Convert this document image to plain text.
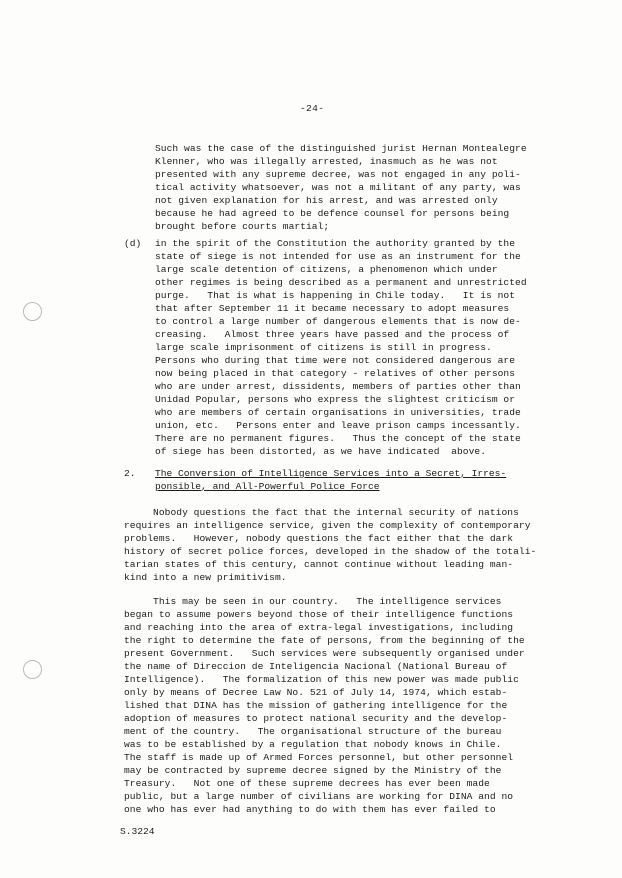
-24-
Such was the case of the distinguished jurist Hernan Montealegre
Klenner, who was illegally arrested, inasmuch as he was not
presented with any supreme decree, was not engaged in any poli-
tical activity whatsoever, was not a militant of any party, was
not given explanation for his arrest, and was arrested only
because he had agreed to be defence counsel for persons being
brought before courts martial;
(d) in the spirit of the Constitution the authority granted by the
state of siege is not intended for use as an instrument for the
large scale detention of citizens, a phenomenon which under
other regimes is being described as a permanent and unrestricted
purge.   That is what is happening in Chile today.   It is not
that after September 11 it became necessary to adopt measures
to control a large number of dangerous elements that is now de-
creasing.   Almost three years have passed and the process of
large scale imprisonment of citizens is still in progress.
Persons who during that time were not considered dangerous are
now being placed in that category - relatives of other persons
who are under arrest, dissidents, members of parties other than
Unidad Popular, persons who express the slightest criticism or
who are members of certain organisations in universities, trade
union, etc.   Persons enter and leave prison camps incessantly.
There are no permanent figures.   Thus the concept of the state
of siege has been distorted, as we have indicated  above.
2. The Conversion of Intelligence Services into a Secret, Irres-
ponsible, and All-Powerful Police Force
Nobody questions the fact that the internal security of nations
requires an intelligence service, given the complexity of contemporary
problems.   However, nobody questions the fact either that the dark
history of secret police forces, developed in the shadow of the totali-
tarian states of this century, cannot continue without leading man-
kind into a new primitivism.
This may be seen in our country.   The intelligence services
began to assume powers beyond those of their intelligence functions
and reaching into the area of extra-legal investigations, including
the right to determine the fate of persons, from the beginning of the
present Government.   Such services were subsequently organised under
the name of Direccion de Inteligencia Nacional (National Bureau of
Intelligence).   The formalization of this new power was made public
only by means of Decree Law No. 521 of July 14, 1974, which estab-
lished that DINA has the mission of gathering intelligence for the
adoption of measures to protect national security and the develop-
ment of the country.   The organisational structure of the bureau
was to be established by a regulation that nobody knows in Chile.
The staff is made up of Armed Forces personnel, but other personnel
may be contracted by supreme decree signed by the Ministry of the
Treasury.   Not one of these supreme decrees has ever been made
public, but a large number of civilians are working for DINA and no
one who has ever had anything to do with them has ever failed to
S.3224
